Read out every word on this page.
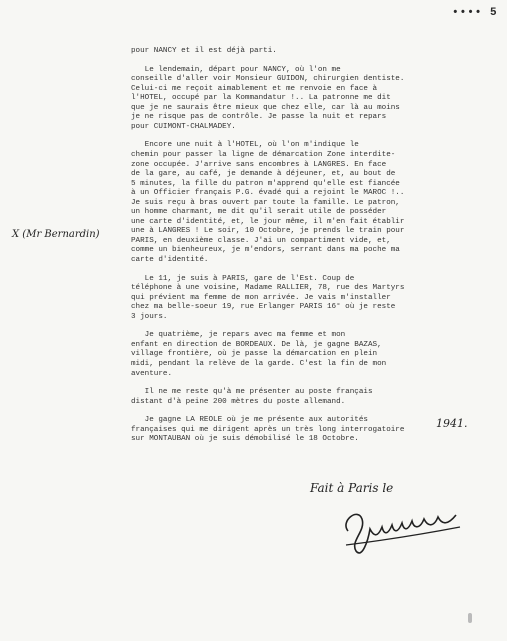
•••• 5
X (Mr Bernardin)

pour NANCY et il est déjà parti.
Le lendemain, départ pour NANCY, où l'on me
conseille d'aller voir Monsieur GUIDON, chirurgien dentiste.
Celui-ci me reçoit aimablement et me renvoie en face à
l'HOTEL, occupé par la Kommandatur !.. La patronne me dit
que je ne saurais être mieux que chez elle, car là au moins
je ne risque pas de contrôle. Je passe la nuit et repars
pour CUIMONT-CHALMADEY.
Encore une nuit à l'HOTEL, où l'on m'indique le
chemin pour passer la ligne de démarcation Zone interdite-
zone occupée. J'arrive sans encombres à LANGRES. En face
de la gare, au café, je demande à déjeuner, et, au bout de
5 minutes, la fille du patron m'apprend qu'elle est fiancée
à un Officier français P.G. évadé qui a rejoint le MAROC !..
Je suis reçu à bras ouvert par toute la famille. Le patron,
un homme charmant, me dit qu'il serait utile de posséder
une carte d'identité, et, le jour même, il m'en fait établir
une à LANGRES ! Le soir, 10 Octobre, je prends le train pour
PARIS, en deuxième classe. J'ai un compartiment vide, et,
comme un bienheureux, je m'endors, serrant dans ma poche ma
carte d'identité.
Le 11, je suis à PARIS, gare de l'Est. Coup de
téléphone à une voisine, Madame RALLIER, 78, rue des Martyrs
qui prévient ma femme de mon arrivée. Je vais m'installer
chez ma belle-soeur 19, rue Erlanger PARIS 16° où je reste
3 jours.
Je quatrième, je repars avec ma femme et mon
enfant en direction de BORDEAUX. De là, je gagne BAZAS,
village frontière, où je passe la démarcation en plein
midi, pendant la relève de la garde. C'est la fin de mon
aventure.
Il ne me reste qu'à me présenter au poste français
distant d'à peine 200 mètres du poste allemand.
Je gagne LA REOLE où je me présente aux autorités
françaises qui me dirigent après un très long interrogatoire
sur MONTAUBAN où je suis démobilisé le 18 Octobre.

1941.
Fait à Paris le
